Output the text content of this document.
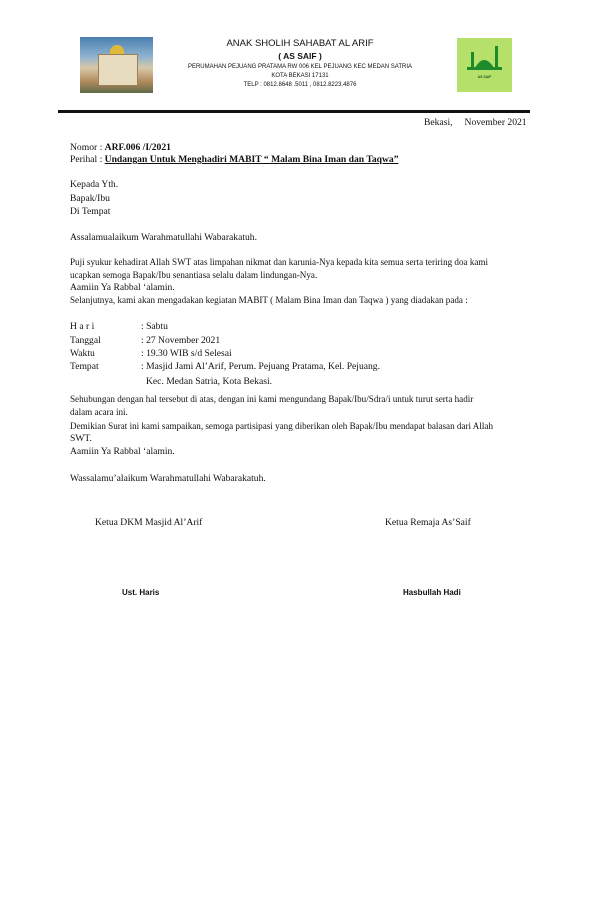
ANAK SHOLIH SAHABAT AL ARIF
( AS SAIF )
PERUMAHAN PEJUANG PRATAMA RW 006 KEL PEJUANG KEC MEDAN SATRIA
KOTA BEKASI 17131
TELP : 0812.8648 .5011 , 0812.8223.4876
AS SAIF
Bekasi, November 2021
Nomor : ARF.006 /I/2021
Perihal : Undangan Untuk Menghadiri MABIT “ Malam Bina Iman dan Taqwa”
Kepada Yth.
Bapak/Ibu
Di Tempat
Assalamualaikum Warahmatullahi Wabarakatuh.
Puji syukur kehadirat Allah SWT atas limpahan nikmat dan karunia-Nya kepada kita semua serta teriring doa kami
ucapkan semoga Bapak/Ibu senantiasa selalu dalam lindungan-Nya.
Aamiin Ya Rabbal ‘alamin.
Selanjutnya, kami akan mengadakan kegiatan MABIT ( Malam Bina Iman dan Taqwa ) yang diadakan pada :
H a r i	: Sabtu
Tanggal	: 27 November 2021
Waktu	: 19.30 WIB s/d Selesai
Tempat	: Masjid Jami Al’Arif, Perum. Pejuang Pratama, Kel. Pejuang.
Kec. Medan Satria, Kota Bekasi.
Sehubungan dengan hal tersebut di atas, dengan ini kami mengundang Bapak/Ibu/Sdra/i untuk turut serta hadir
dalam acara ini.
Demikian Surat ini kami sampaikan, semoga partisipasi yang diberikan oleh Bapak/Ibu mendapat balasan dari Allah
SWT.
Aamiin Ya Rabbal ‘alamin.
Wassalamu’alaikum Warahmatullahi Wabarakatuh.
Ketua DKM Masjid Al’Arif	Ketua Remaja As’Saif
Ust. Haris	Hasbullah Hadi
